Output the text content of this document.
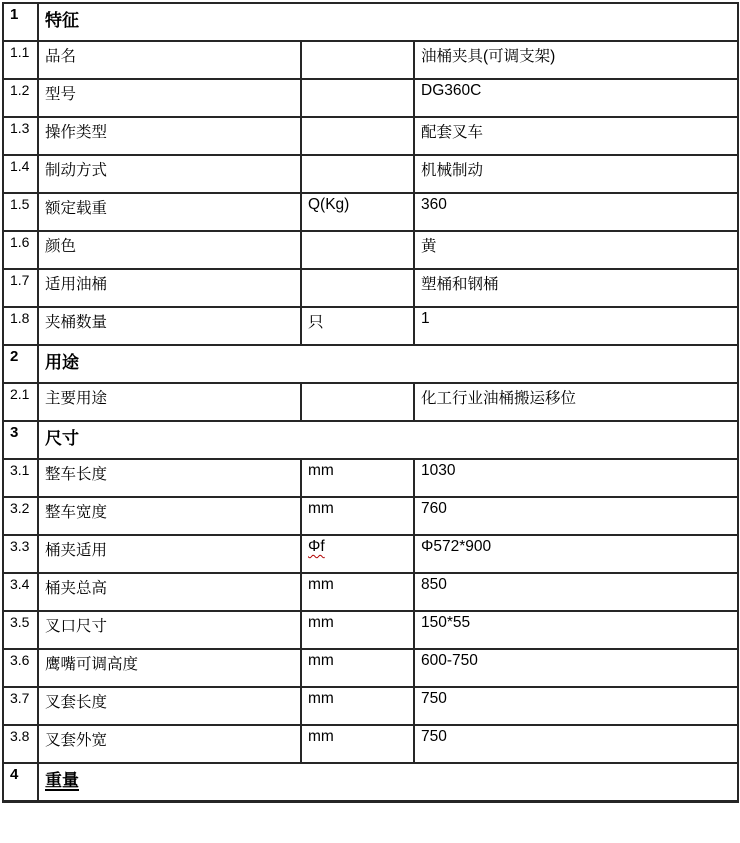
1	特征		
1.1	品名		油桶夹具(可调支架)
1.2	型号		DG360C
1.3	操作类型		配套叉车
1.4	制动方式		机械制动
1.5	额定载重	Q(Kg)	360
1.6	颜色		黄
1.7	适用油桶		塑桶和钢桶
1.8	夹桶数量	只	1
2	用途		
2.1	主要用途		化工行业油桶搬运移位
3	尺寸		
3.1	整车长度	mm	1030
3.2	整车宽度	mm	760
3.3	桶夹适用	Φf	Φ572*900
3.4	桶夹总高	mm	850
3.5	叉口尺寸	mm	150*55
3.6	鹰嘴可调高度	mm	600-750
3.7	叉套长度	mm	750
3.8	叉套外宽	mm	750
4	重量		
